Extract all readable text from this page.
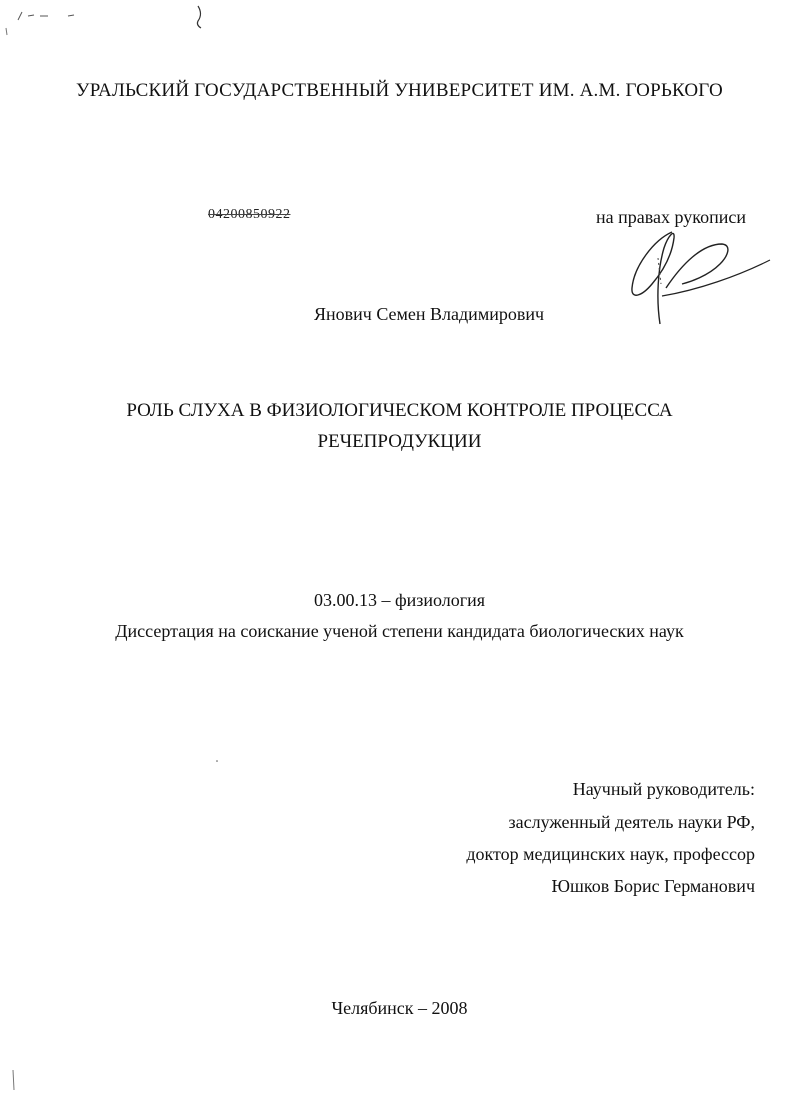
УРАЛЬСКИЙ ГОСУДАРСТВЕННЫЙ УНИВЕРСИТЕТ ИМ. А.М. ГОРЬКОГО
04200850922	на правах рукописи
Янович Семен Владимирович
РОЛЬ СЛУХА В ФИЗИОЛОГИЧЕСКОМ КОНТРОЛЕ ПРОЦЕССА
РЕЧЕПРОДУКЦИИ
03.00.13 – физиология
Диссертация на соискание ученой степени кандидата биологических наук
Научный руководитель:
заслуженный деятель науки РФ,
доктор медицинских наук, профессор
Юшков Борис Германович
Челябинск – 2008
